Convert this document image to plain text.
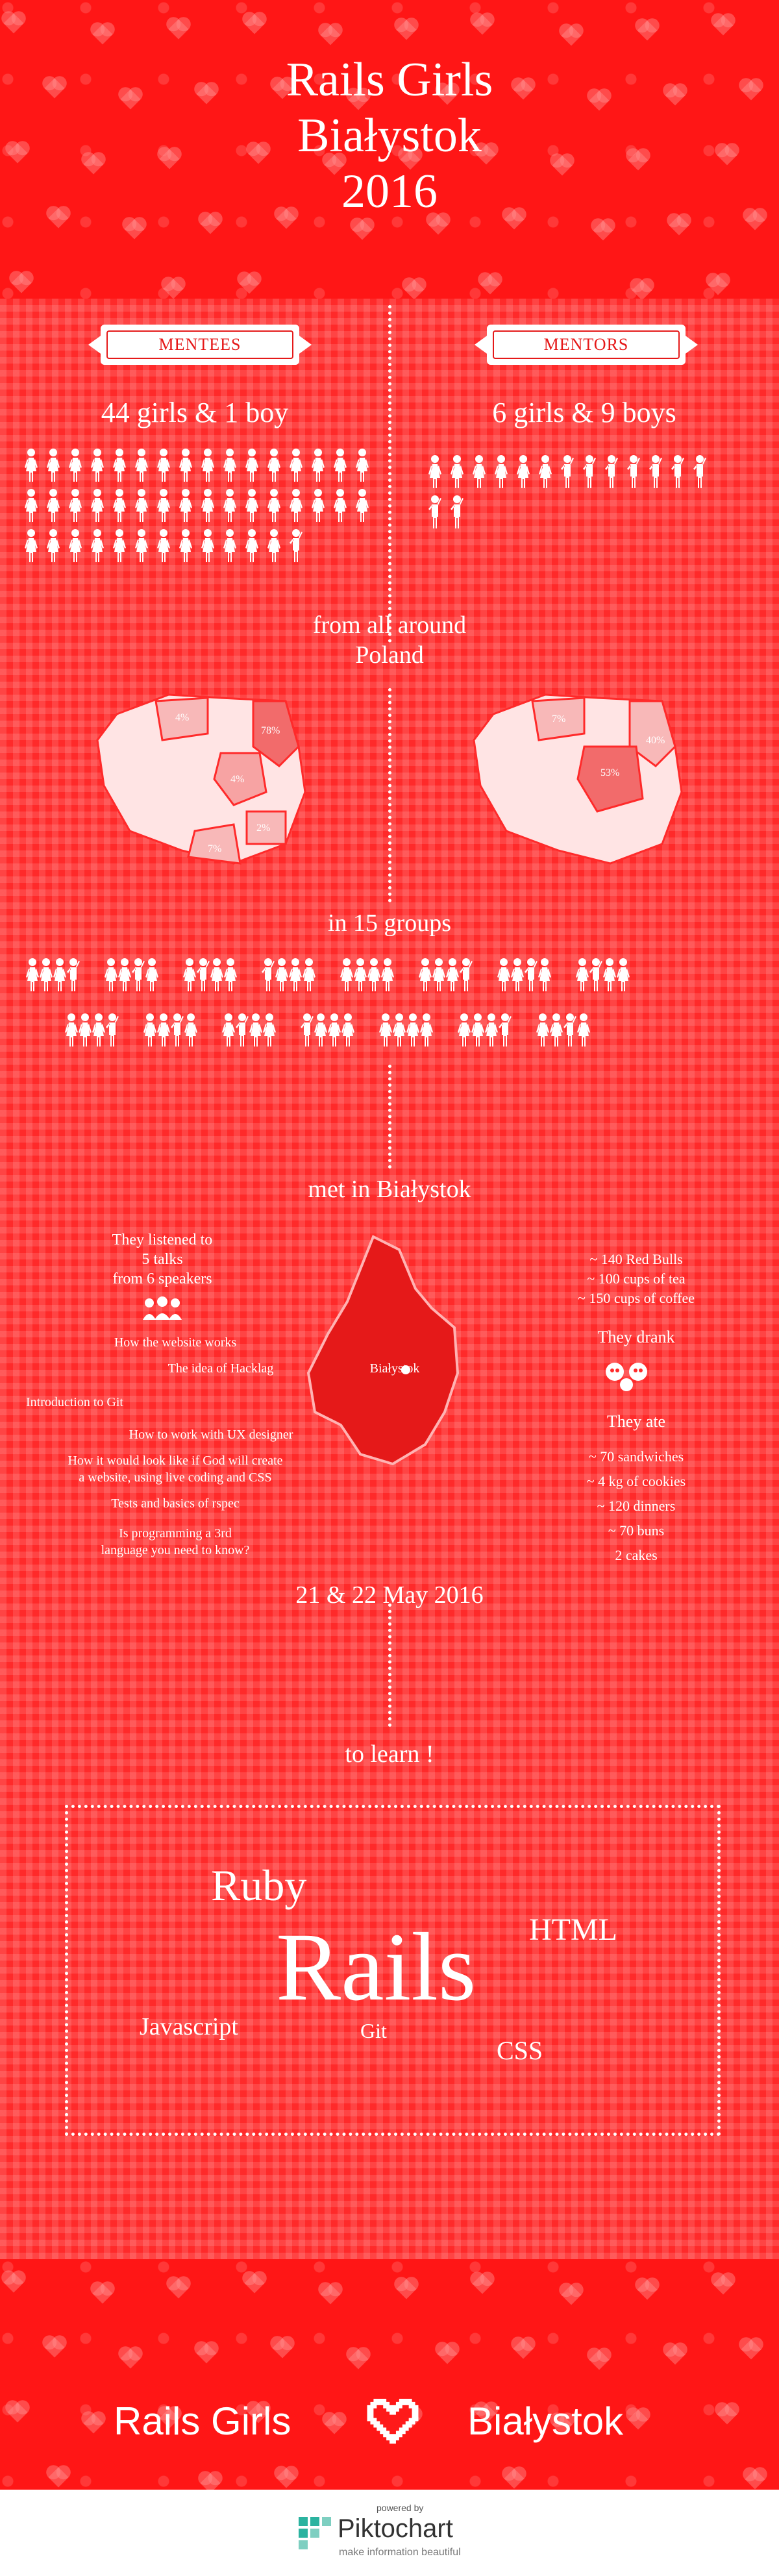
Rails Girls
Białystok
2016
MENTEES	MENTORS
44 girls & 1 boy	6 girls & 9 boys
from all around
Poland
4%
78%
4%
2%
7%
7%
40%
53%
in 15 groups
met in Białystok
They listened to
5 talks
from 6 speakers
How the website works
The idea of Hacklag
Introduction to Git
How to work with UX designer
How it would look like if God will create
a website, using live coding and CSS
Tests and basics of rspec
Is programming a 3rd
language you need to know?
Białystok
~ 140 Red Bulls
~ 100 cups of tea
~ 150 cups of coffee
They drank
They ate
~ 70 sandwiches
~ 4 kg of cookies
~ 120 dinners
~ 70 buns
2 cakes
21 & 22 May 2016
to learn !
Ruby
HTML
Rails
Javascript	Git
CSS
Rails Girls	Białystok
powered by
Piktochart
make information beautiful
